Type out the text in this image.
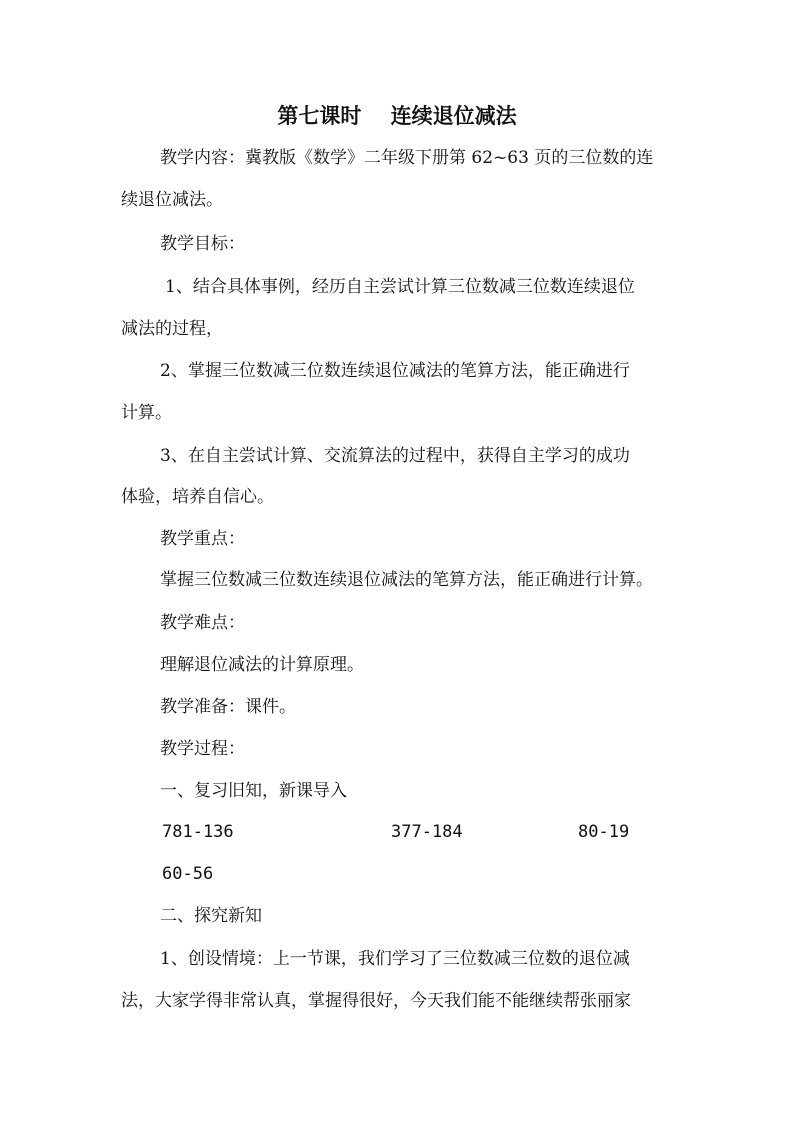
第七课时    连续退位减法
教学内容：冀教版《数学》二年级下册第 62~63 页的三位数的连
续退位减法。
教学目标：
1、结合具体事例，经历自主尝试计算三位数减三位数连续退位
减法的过程，
2、掌握三位数减三位数连续退位减法的笔算方法，能正确进行
计算。
3、在自主尝试计算、交流算法的过程中，获得自主学习的成功
体验，培养自信心。
教学重点：
掌握三位数减三位数连续退位减法的笔算方法，能正确进行计算。
教学难点：
理解退位减法的计算原理。
教学准备：课件。
教学过程：
一、复习旧知，新课导入
781-136	377-184	80-19
60-56
二、探究新知
1、创设情境：上一节课，我们学习了三位数减三位数的退位减
法，大家学得非常认真，掌握得很好，今天我们能不能继续帮张丽家
